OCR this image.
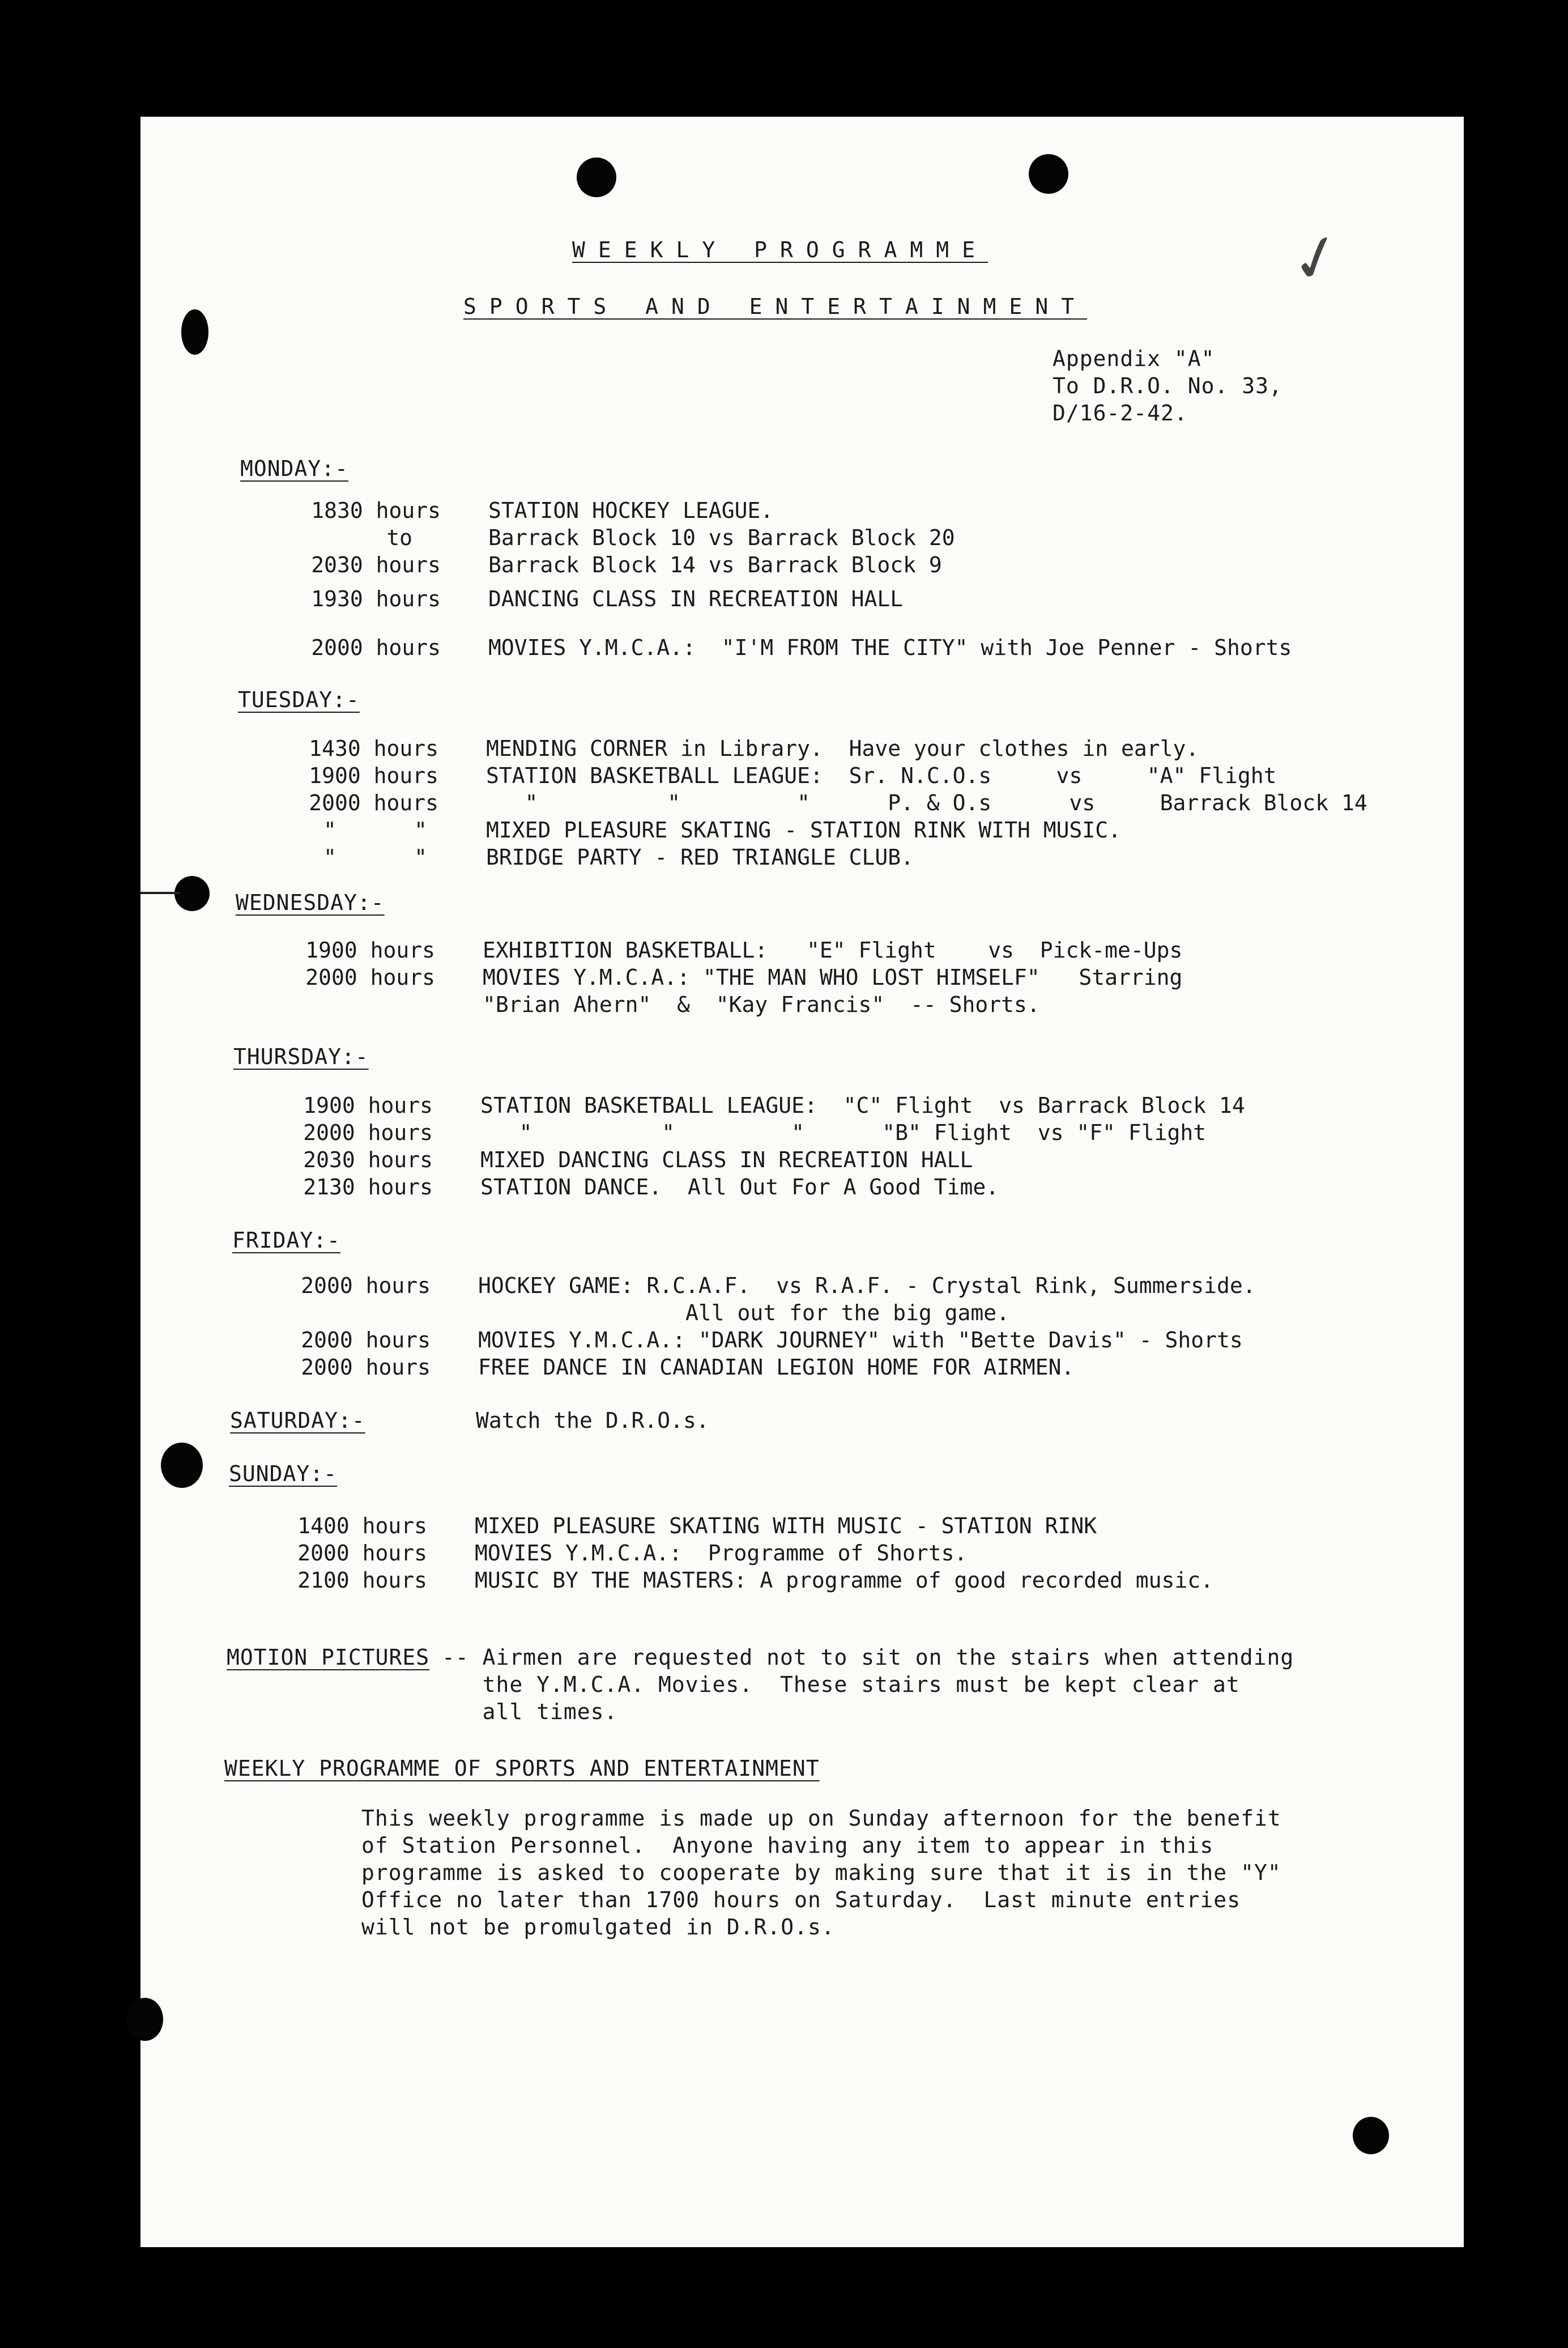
✓
WEEKLY PROGRAMME
SPORTS AND ENTERTAINMENT
Appendix "A"
To D.R.O. No. 33,
D/16-2-42.
MONDAY:-
1830 hours STATION HOCKEY LEAGUE.
to	Barrack Block 10 vs Barrack Block 20
2030 hours Barrack Block 14 vs Barrack Block 9
1930 hours DANCING CLASS IN RECREATION HALL
2000 hours MOVIES Y.M.C.A.:  "I'M FROM THE CITY" with Joe Penner - Shorts
TUESDAY:-
1430 hours MENDING CORNER in Library.  Have your clothes in early.
1900 hours STATION BASKETBALL LEAGUE:  Sr. N.C.O.s     vs     "A" Flight
2000 hours "          "         "      P. & O.s      vs     Barrack Block 14
"      "	MIXED PLEASURE SKATING - STATION RINK WITH MUSIC.
"      "	BRIDGE PARTY - RED TRIANGLE CLUB.
WEDNESDAY:-
1900 hours EXHIBITION BASKETBALL:   "E" Flight    vs  Pick-me-Ups
2000 hours MOVIES Y.M.C.A.: "THE MAN WHO LOST HIMSELF"   Starring
"Brian Ahern"  &  "Kay Francis"  -- Shorts.
THURSDAY:-
1900 hours STATION BASKETBALL LEAGUE:  "C" Flight  vs Barrack Block 14
2000 hours "          "         "      "B" Flight  vs "F" Flight
2030 hours MIXED DANCING CLASS IN RECREATION HALL
2130 hours STATION DANCE.  All Out For A Good Time.
FRIDAY:-
2000 hours HOCKEY GAME: R.C.A.F.  vs R.A.F. - Crystal Rink, Summerside.
All out for the big game.
2000 hours MOVIES Y.M.C.A.: "DARK JOURNEY" with "Bette Davis" - Shorts
2000 hours FREE DANCE IN CANADIAN LEGION HOME FOR AIRMEN.
SATURDAY:-	Watch the D.R.O.s.
SUNDAY:-
1400 hours MIXED PLEASURE SKATING WITH MUSIC - STATION RINK
2000 hours MOVIES Y.M.C.A.:  Programme of Shorts.
2100 hours MUSIC BY THE MASTERS: A programme of good recorded music.
MOTION PICTURES -- Airmen are requested not to sit on the stairs when attending
the Y.M.C.A. Movies.  These stairs must be kept clear at
all times.
WEEKLY PROGRAMME OF SPORTS AND ENTERTAINMENT
This weekly programme is made up on Sunday afternoon for the benefit
of Station Personnel.  Anyone having any item to appear in this
programme is asked to cooperate by making sure that it is in the "Y"
Office no later than 1700 hours on Saturday.  Last minute entries
will not be promulgated in D.R.O.s.
